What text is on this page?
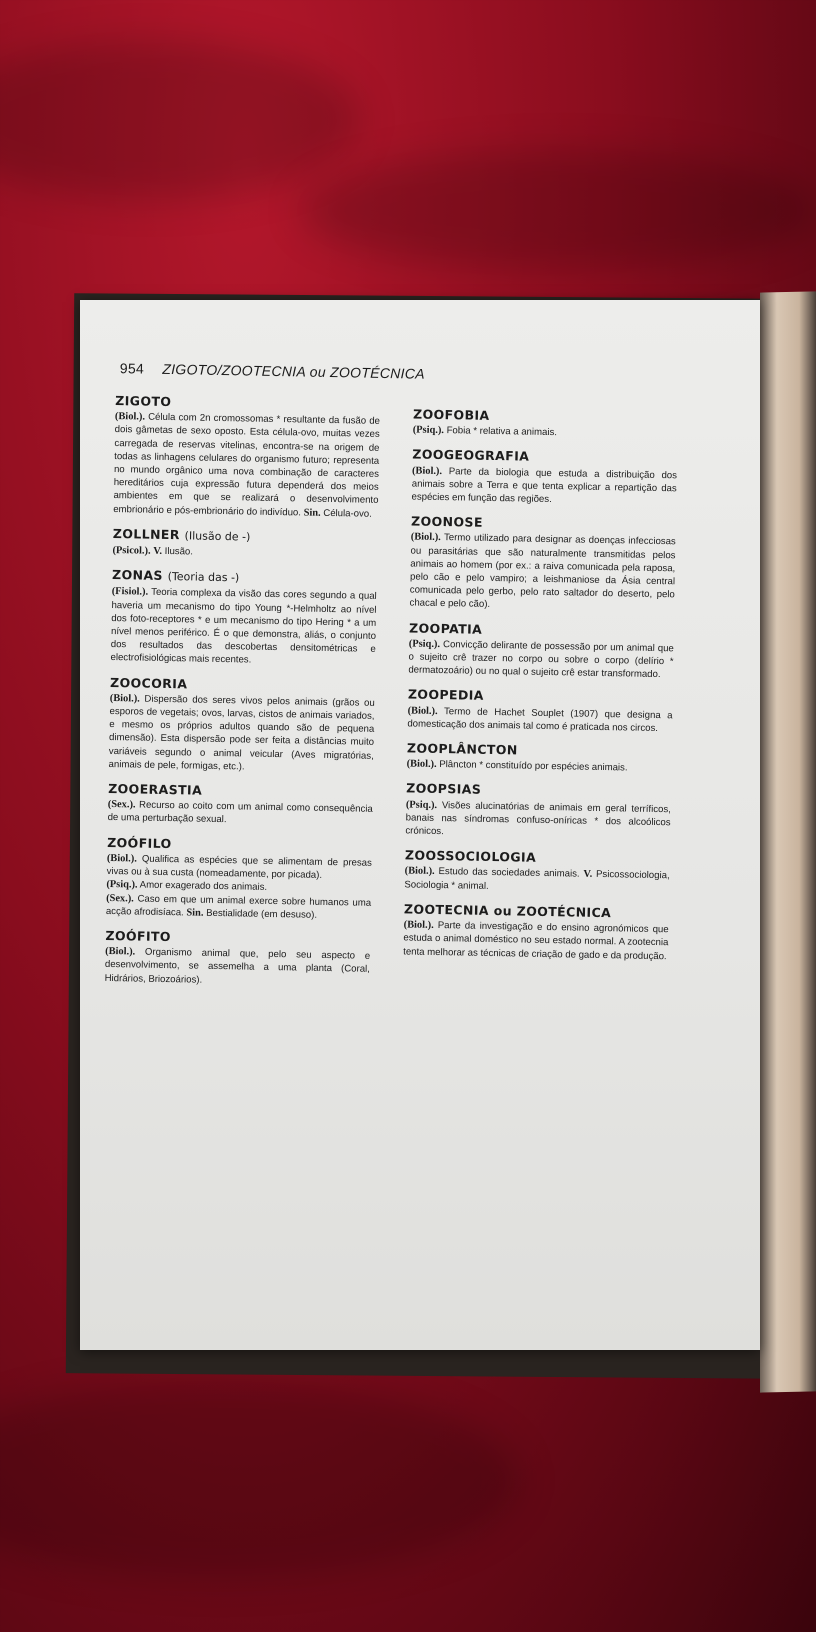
954 ZIGOTO/ZOOTECNIA ou ZOOTÉCNICA
ZIGOTO

(Biol.). Célula com 2n cromossomas * resultante da fusão de dois gâmetas de sexo oposto. Esta célula-ovo, muitas vezes carregada de reservas vitelinas, encontra-se na origem de todas as linhagens celulares do organismo futuro; representa no mundo orgânico uma nova combinação de caracteres hereditários cuja expressão futura dependerá dos meios ambientes em que se realizará o desenvolvimento embrionário e pós-embrionário do indivíduo. Sin. Célula-ovo.

ZOLLNER (Ilusão de -)

(Psicol.). V. Ilusão.

ZONAS (Teoria das -)

(Fisiol.). Teoria complexa da visão das cores segundo a qual haveria um mecanismo do tipo Young *-Helmholtz ao nível dos foto-receptores * e um mecanismo do tipo Hering * a um nível menos periférico. É o que demonstra, aliás, o conjunto dos resultados das descobertas densitométricas e electrofisiológicas mais recentes.

ZOOCORIA

(Biol.). Dispersão dos seres vivos pelos animais (grãos ou esporos de vegetais; ovos, larvas, cistos de animais variados, e mesmo os próprios adultos quando são de pequena dimensão). Esta dispersão pode ser feita a distâncias muito variáveis segundo o animal veicular (Aves migratórias, animais de pele, formigas, etc.).

ZOOERASTIA

(Sex.). Recurso ao coito com um animal como consequência de uma perturbação sexual.

ZOÓFILO

(Biol.). Qualifica as espécies que se alimentam de presas vivas ou à sua custa (nomeadamente, por picada).

(Psiq.). Amor exagerado dos animais.

(Sex.). Caso em que um animal exerce sobre humanos uma acção afrodisíaca. Sin. Bestialidade (em desuso).

ZOÓFITO

(Biol.). Organismo animal que, pelo seu aspecto e desenvolvimento, se assemelha a uma planta (Coral, Hidrários, Briozoários).

ZOOFOBIA

(Psiq.). Fobia * relativa a animais.

ZOOGEOGRAFIA

(Biol.). Parte da biologia que estuda a distribuição dos animais sobre a Terra e que tenta explicar a repartição das espécies em função das regiões.

ZOONOSE

(Biol.). Termo utilizado para designar as doenças infecciosas ou parasitárias que são naturalmente transmitidas pelos animais ao homem (por ex.: a raiva comunicada pela raposa, pelo cão e pelo vampiro; a leishmaniose da Ásia central comunicada pelo gerbo, pelo rato saltador do deserto, pelo chacal e pelo cão).

ZOOPATIA

(Psiq.). Convicção delirante de possessão por um animal que o sujeito crê trazer no corpo ou sobre o corpo (delírio * dermatozoário) ou no qual o sujeito crê estar transformado.

ZOOPEDIA

(Biol.). Termo de Hachet Souplet (1907) que designa a domesticação dos animais tal como é praticada nos circos.

ZOOPLÂNCTON

(Biol.). Plâncton * constituído por espécies animais.

ZOOPSIAS

(Psiq.). Visões alucinatórias de animais em geral terríficos, banais nas síndromas confuso-oníricas * dos alcoólicos crónicos.

ZOOSSOCIOLOGIA

(Biol.). Estudo das sociedades animais. V. Psicossociologia, Sociologia * animal.

ZOOTECNIA ou ZOOTÉCNICA

(Biol.). Parte da investigação e do ensino agronómicos que estuda o animal doméstico no seu estado normal. A zootecnia tenta melhorar as técnicas de criação de gado e da produção.
